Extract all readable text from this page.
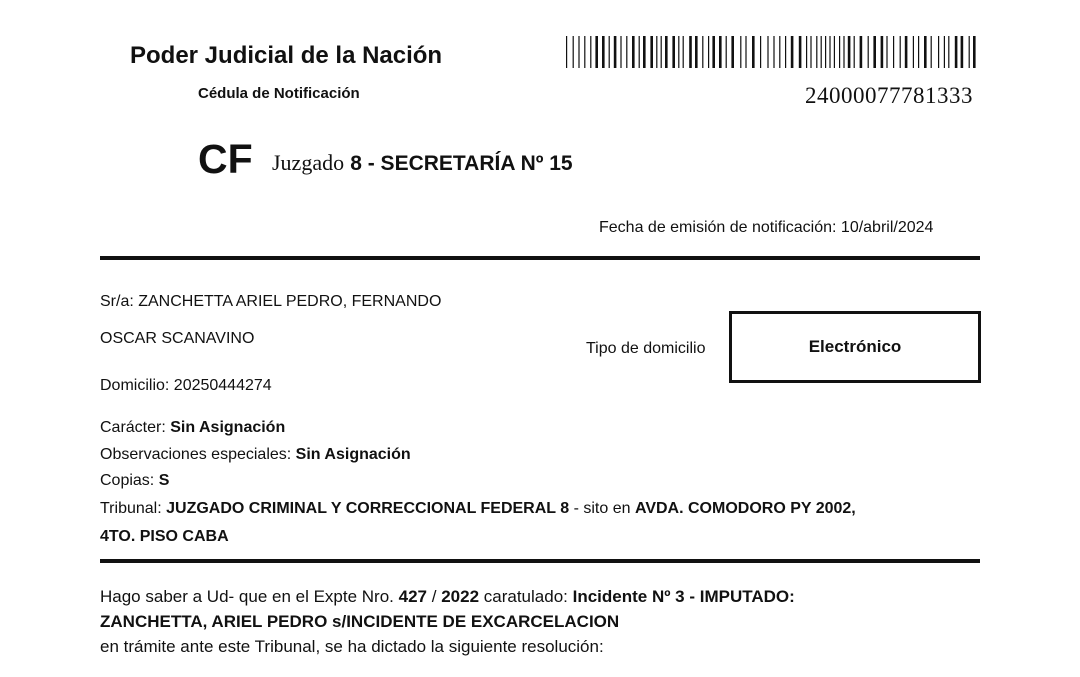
Poder Judicial de la Nación
Cédula de Notificación	24000077781333
CF Juzgado 8 - SECRETARÍA Nº 15
Fecha de emisión de notificación: 10/abril/2024
Sr/a: ZANCHETTA ARIEL PEDRO, FERNANDO
OSCAR SCANAVINO
Tipo de domicilio	Electrónico
Domicilio: 20250444274
Carácter: Sin Asignación
Observaciones especiales: Sin Asignación
Copias: S
Tribunal: JUZGADO CRIMINAL Y CORRECCIONAL FEDERAL 8 - sito en AVDA. COMODORO PY 2002,
4TO. PISO CABA
Hago saber a Ud- que en el Expte Nro. 427 / 2022 caratulado: Incidente Nº 3 - IMPUTADO:
ZANCHETTA, ARIEL PEDRO s/INCIDENTE DE EXCARCELACION
en trámite ante este Tribunal, se ha dictado la siguiente resolución:
